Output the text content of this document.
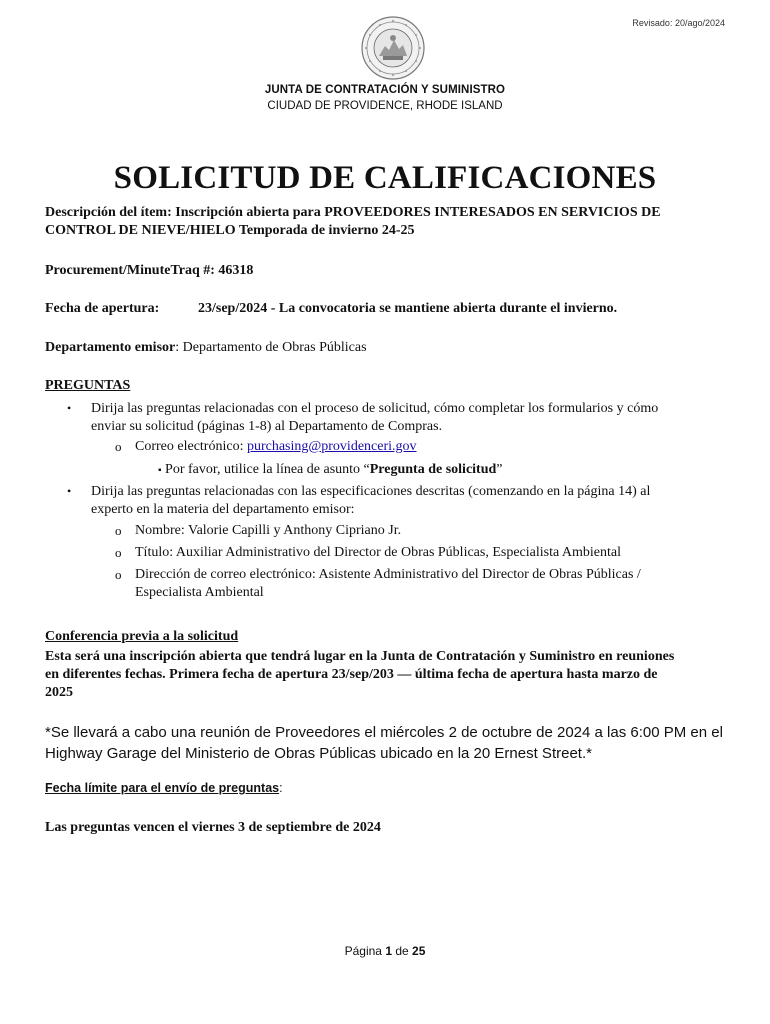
Revisado: 20/ago/2024
JUNTA DE CONTRATACIÓN Y SUMINISTRO
CIUDAD DE PROVIDENCE, RHODE ISLAND
SOLICITUD DE CALIFICACIONES
Descripción del ítem: Inscripción abierta para PROVEEDORES INTERESADOS EN SERVICIOS DE
CONTROL DE NIEVE/HIELO Temporada de invierno 24-25
Procurement/MinuteTraq #: 46318
Fecha de apertura:	23/sep/2024 - La convocatoria se mantiene abierta durante el invierno.
Departamento emisor: Departamento de Obras Públicas
PREGUNTAS
• Dirija las preguntas relacionadas con el proceso de solicitud, cómo completar los formularios y cómo
enviar su solicitud (páginas 1-8) al Departamento de Compras.
o Correo electrónico: purchasing@providenceri.gov
▪ Por favor, utilice la línea de asunto “Pregunta de solicitud”
• Dirija las preguntas relacionadas con las especificaciones descritas (comenzando en la página 14) al
experto en la materia del departamento emisor:
o Nombre: Valorie Capilli y Anthony Cipriano Jr.
o Título: Auxiliar Administrativo del Director de Obras Públicas, Especialista Ambiental
o Dirección de correo electrónico: Asistente Administrativo del Director de Obras Públicas /
Especialista Ambiental
Conferencia previa a la solicitud
Esta será una inscripción abierta que tendrá lugar en la Junta de Contratación y Suministro en reuniones
en diferentes fechas. Primera fecha de apertura 23/sep/203 — última fecha de apertura hasta marzo de
2025
*Se llevará a cabo una reunión de Proveedores el miércoles 2 de octubre de 2024 a las 6:00 PM en el
Highway Garage del Ministerio de Obras Públicas ubicado en la 20 Ernest Street.*
Fecha límite para el envío de preguntas:
Las preguntas vencen el viernes 3 de septiembre de 2024
Página 1 de 25
